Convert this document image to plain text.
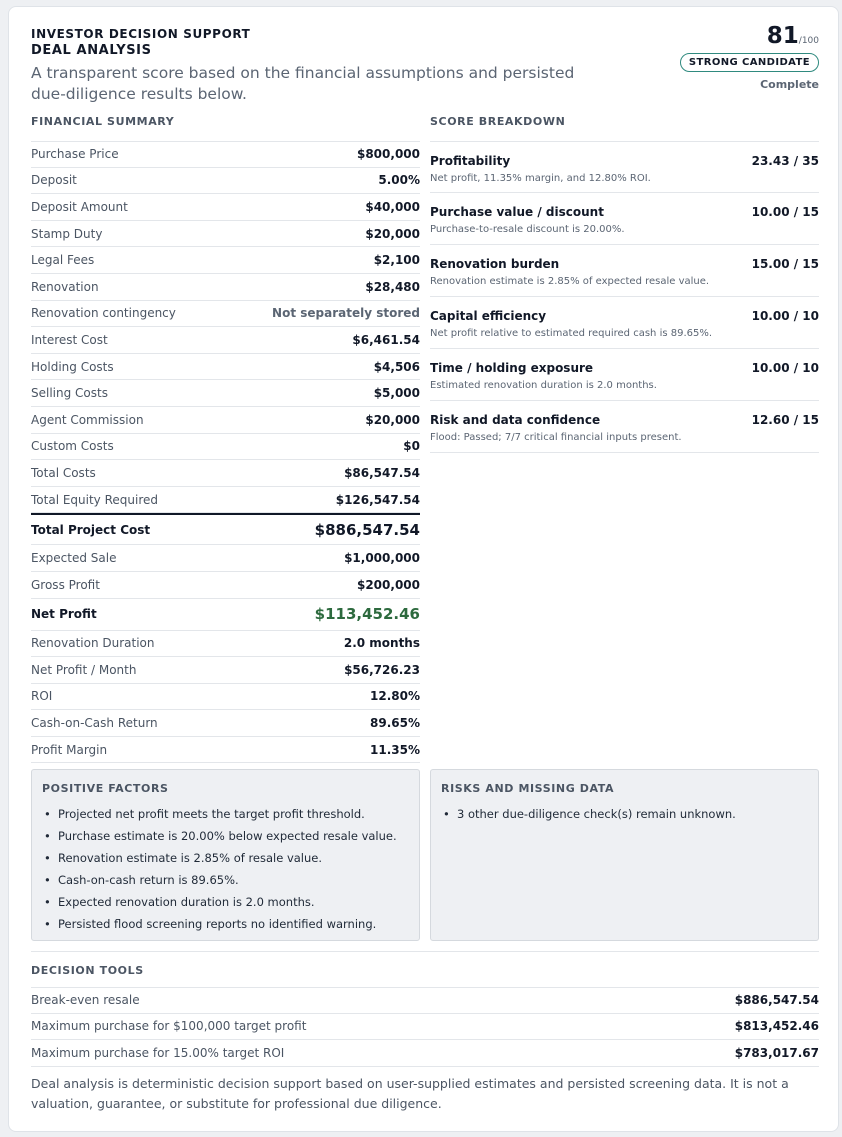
INVESTOR DECISION SUPPORT
DEAL ANALYSIS
A transparent score based on the financial assumptions and persisted due-diligence results below.
81/100
STRONG CANDIDATE
Complete
FINANCIAL SUMMARY	SCORE BREAKDOWN
Purchase Price	$800,000
Deposit	5.00%
Deposit Amount	$40,000
Stamp Duty	$20,000
Legal Fees	$2,100
Renovation	$28,480
Renovation contingency	Not separately stored
Interest Cost	$6,461.54
Holding Costs	$4,506
Selling Costs	$5,000
Agent Commission	$20,000
Custom Costs	$0
Total Costs	$86,547.54
Total Equity Required	$126,547.54
Total Project Cost	$886,547.54
Expected Sale	$1,000,000
Gross Profit	$200,000
Net Profit	$113,452.46
Renovation Duration	2.0 months
Net Profit / Month	$56,726.23
ROI	12.80%
Cash-on-Cash Return	89.65%
Profit Margin	11.35%
Profitability	23.43 / 35
Net profit, 11.35% margin, and 12.80% ROI.
Purchase value / discount	10.00 / 15
Purchase-to-resale discount is 20.00%.
Renovation burden	15.00 / 15
Renovation estimate is 2.85% of expected resale value.
Capital efficiency	10.00 / 10
Net profit relative to estimated required cash is 89.65%.
Time / holding exposure	10.00 / 10
Estimated renovation duration is 2.0 months.
Risk and data confidence	12.60 / 15
Flood: Passed; 7/7 critical financial inputs present.
POSITIVE FACTORS
• Projected net profit meets the target profit threshold.
• Purchase estimate is 20.00% below expected resale value.
• Renovation estimate is 2.85% of resale value.
• Cash-on-cash return is 89.65%.
• Expected renovation duration is 2.0 months.
• Persisted flood screening reports no identified warning.
RISKS AND MISSING DATA
• 3 other due-diligence check(s) remain unknown.
DECISION TOOLS
Break-even resale	$886,547.54
Maximum purchase for $100,000 target profit	$813,452.46
Maximum purchase for 15.00% target ROI	$783,017.67
Deal analysis is deterministic decision support based on user-supplied estimates and persisted screening data. It is not a valuation, guarantee, or substitute for professional due diligence.
